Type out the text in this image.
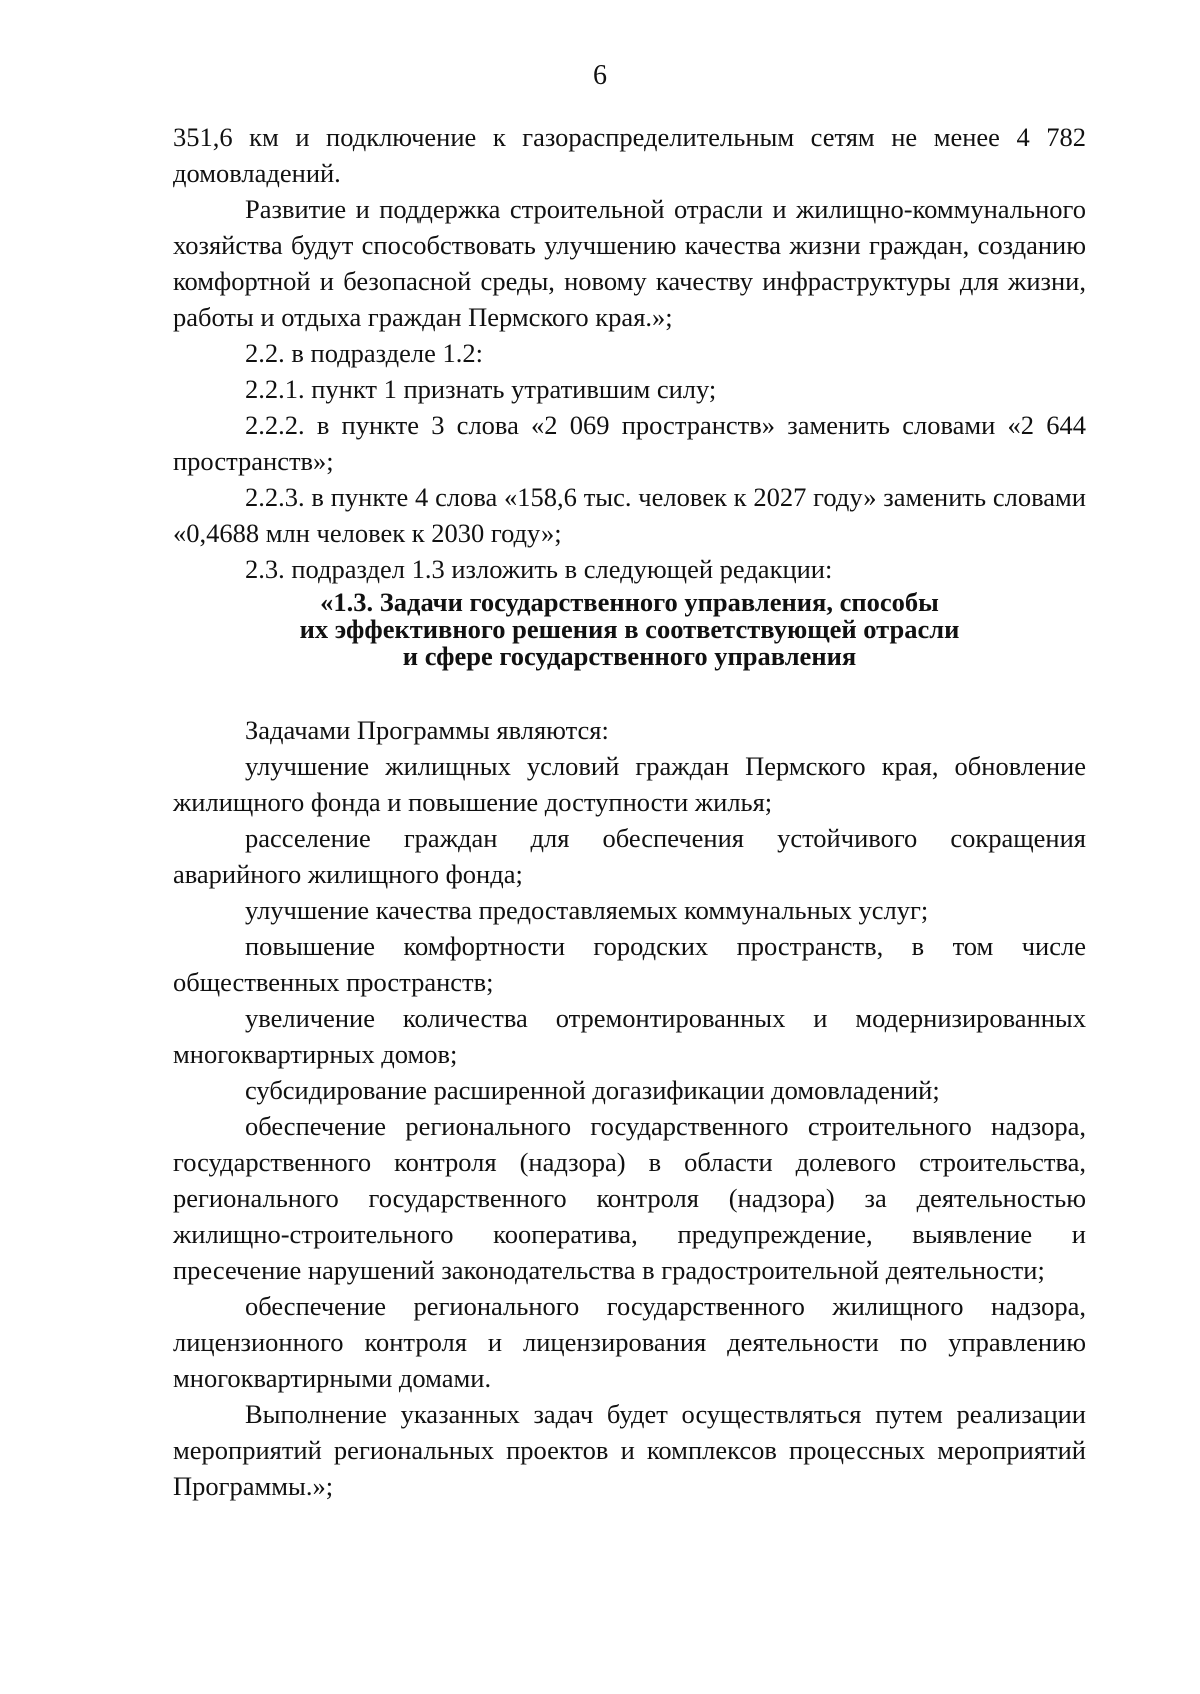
6

351,6 км и подключение к газораспределительным сетям не менее 4 782 домовладений.

Развитие и поддержка строительной отрасли и жилищно-коммунального хозяйства будут способствовать улучшению качества жизни граждан, созданию комфортной и безопасной среды, новому качеству инфраструктуры для жизни, работы и отдыха граждан Пермского края.»;

2.2. в подразделе 1.2:

2.2.1. пункт 1 признать утратившим силу;

2.2.2. в пункте 3 слова «2 069 пространств» заменить словами «2 644 пространств»;

2.2.3. в пункте 4 слова «158,6 тыс. человек к 2027 году» заменить словами «0,4688 млн человек к 2030 году»;

2.3. подраздел 1.3 изложить в следующей редакции:

«1.3. Задачи государственного управления, способы
их эффективного решения в соответствующей отрасли
и сфере государственного управления

Задачами Программы являются:

улучшение жилищных условий граждан Пермского края, обновление жилищного фонда и повышение доступности жилья;

расселение граждан для обеспечения устойчивого сокращения аварийного жилищного фонда;

улучшение качества предоставляемых коммунальных услуг;

повышение комфортности городских пространств, в том числе общественных пространств;

увеличение количества отремонтированных и модернизированных многоквартирных домов;

субсидирование расширенной догазификации домовладений;

обеспечение регионального государственного строительного надзора, государственного контроля (надзора) в области долевого строительства, регионального государственного контроля (надзора) за деятельностью жилищно-строительного кооператива, предупреждение, выявление и пресечение нарушений законодательства в градостроительной деятельности;

обеспечение регионального государственного жилищного надзора, лицензионного контроля и лицензирования деятельности по управлению многоквартирными домами.

Выполнение указанных задач будет осуществляться путем реализации мероприятий региональных проектов и комплексов процессных мероприятий Программы.»;
